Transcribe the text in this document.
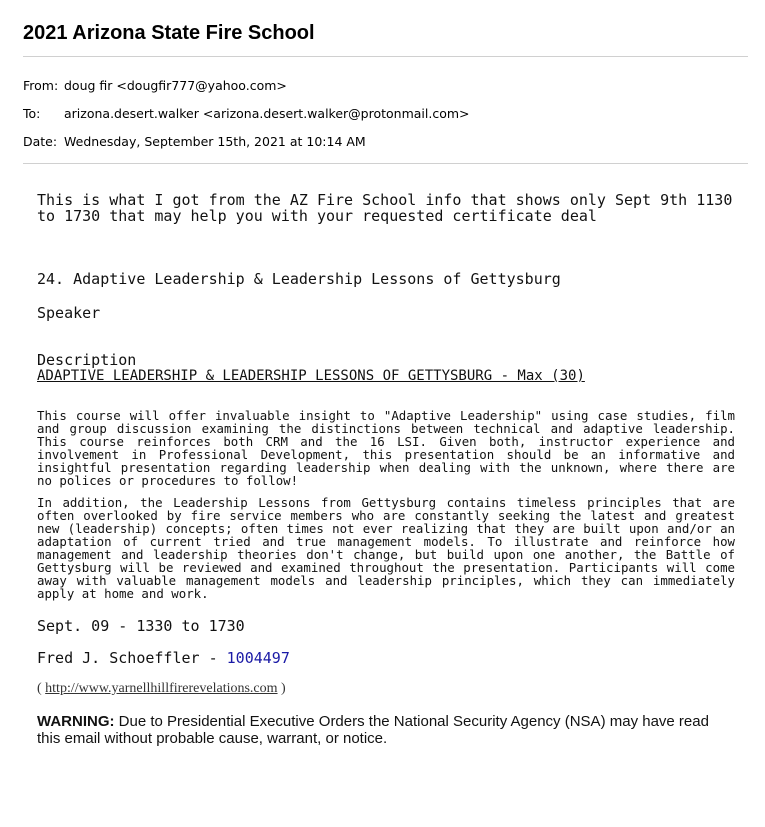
2021 Arizona State Fire School
From: doug fir <dougfir777@yahoo.com>
To:	arizona.desert.walker <arizona.desert.walker@protonmail.com>
Date: Wednesday, September 15th, 2021 at 10:14 AM
This is what I got from the AZ Fire School info that shows only Sept 9th 1130 to 1730 that may help you with your requested certificate deal
24. Adaptive Leadership & Leadership Lessons of Gettysburg
Speaker
Description
ADAPTIVE LEADERSHIP & LEADERSHIP LESSONS OF GETTYSBURG - Max (30)
This course will offer invaluable insight to "Adaptive Leadership" using case studies, film and group discussion examining the distinctions between technical and adaptive leadership. This course reinforces both CRM and the 16 LSI. Given both, instructor experience and involvement in Professional Development, this presentation should be an informative and insightful presentation regarding leadership when dealing with the unknown, where there are no polices or procedures to follow!
In addition, the Leadership Lessons from Gettysburg contains timeless principles that are often overlooked by fire service members who are constantly seeking the latest and greatest new (leadership) concepts; often times not ever realizing that they are built upon and/or an adaptation of current tried and true management models. To illustrate and reinforce how management and leadership theories don't change, but build upon one another, the Battle of Gettysburg will be reviewed and examined throughout the presentation. Participants will come away with valuable management models and leadership principles, which they can immediately apply at home and work.
Sept. 09 - 1330 to 1730
Fred J. Schoeffler - 1004497
( http://www.yarnellhillfirerevelations.com )
WARNING: Due to Presidential Executive Orders the National Security Agency (NSA) may have read this email without probable cause, warrant, or notice.
